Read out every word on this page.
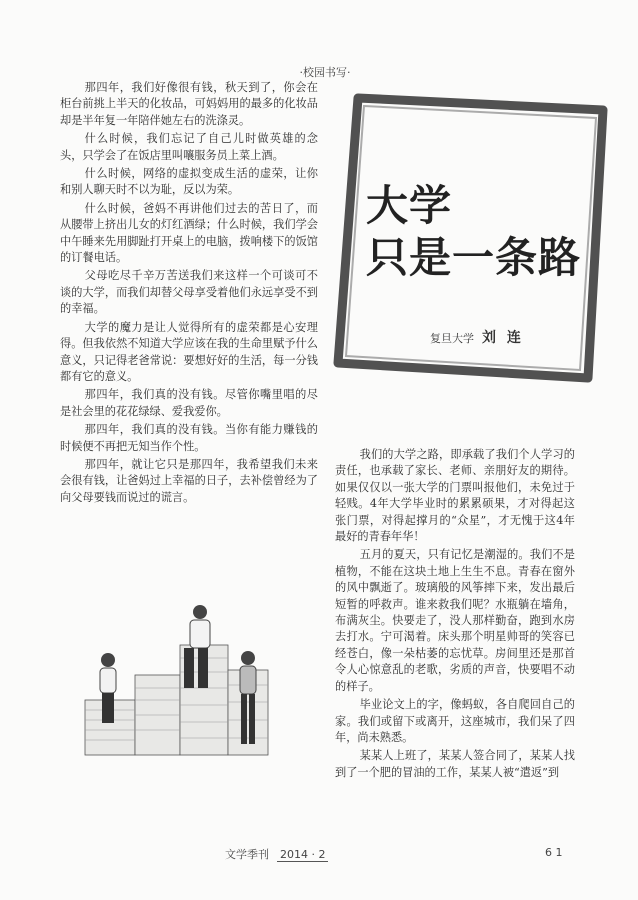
·校园书写·

那四年，我们好像很有钱，秋天到了，你会在柜台前挑上半天的化妆品，可妈妈用的最多的化妆品却是半年复一年陪伴她左右的洗涤灵。

什么时候，我们忘记了自己儿时做英雄的念头，只学会了在饭店里叫嚷服务员上菜上酒。

什么时候，网络的虚拟变成生活的虚荣，让你和别人聊天时不以为耻，反以为荣。

什么时候，爸妈不再讲他们过去的苦日了，而从腰带上挤出儿女的灯红酒绿；什么时候，我们学会中午睡来先用脚趾打开桌上的电脑，拨响楼下的饭馆的订餐电话。

父母吃尽千辛万苦送我们来这样一个可谈可不谈的大学，而我们却替父母享受着他们永远享受不到的幸福。

大学的魔力是让人觉得所有的虚荣都是心安理得。但我依然不知道大学应该在我的生命里赋予什么意义，只记得老爸常说：要想好好的生活，每一分钱都有它的意义。

那四年，我们真的没有钱。尽管你嘴里唱的尽是社会里的花花绿绿、爱我爱你。

那四年，我们真的没有钱。当你有能力赚钱的时候便不再把无知当作个性。

那四年，就让它只是那四年，我希望我们未来会很有钱，让爸妈过上幸福的日子，去补偿曾经为了向父母要钱而说过的谎言。

大学
只是一条路
复旦大学 刘 连

我们的大学之路，即承载了我们个人学习的责任，也承载了家长、老师、亲朋好友的期待。如果仅仅以一张大学的门票叫报他们，未免过于轻贱。4年大学毕业时的累累硕果，才对得起这张门票，对得起撑月的“众星”，才无愧于这4年最好的青春年华！

五月的夏天，只有记忆是潮湿的。我们不是植物，不能在这块土地上生生不息。青春在窗外的风中飘逝了。玻璃般的风筝摔下来，发出最后短暂的呼救声。谁来救我们呢？水瓶躺在墙角，布满灰尘。快要走了，没人那样勤奋，跑到水房去打水。宁可渴着。床头那个明星帅哥的笑容已经苍白，像一朵枯萎的忘忧草。房间里还是那首令人心惊意乱的老歌，劣质的声音，快要唱不动的样子。

毕业论文上的字，像蚂蚁，各自爬回自己的家。我们或留下或离开，这座城市，我们呆了四年，尚未熟悉。

某某人上班了，某某人签合同了，某某人找到了一个肥的冒油的工作，某某人被“遣返”到

文学季刊 2014 · 2	6 1
